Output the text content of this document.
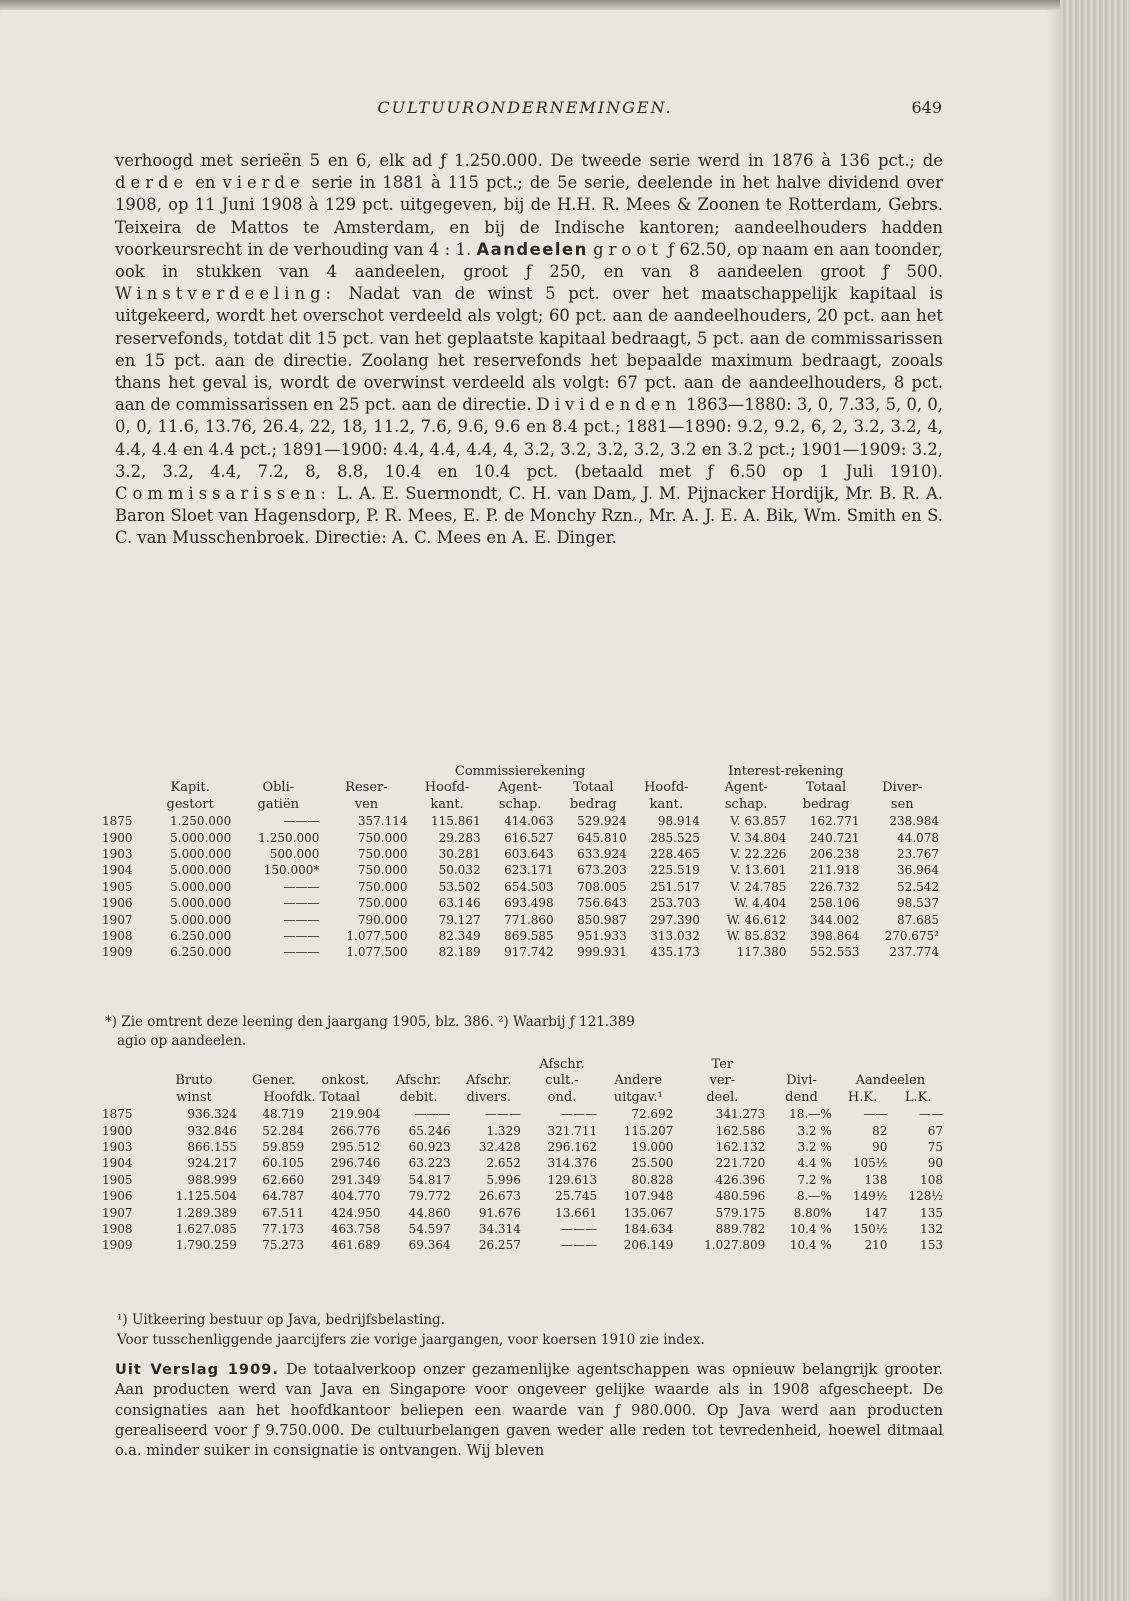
CULTUURONDERNEMINGEN.	649

verhoogd met serieën 5 en 6, elk ad ƒ 1.250.000. De tweede serie werd in 1876 à 136 pct.; de derde en vierde serie in 1881 à 115 pct.; de 5e serie, deelende in het halve dividend over 1908, op 11 Juni 1908 à 129 pct. uitgegeven, bij de H.H. R. Mees & Zoonen te Rotterdam, Gebrs. Teixeira de Mattos te Amsterdam, en bij de Indische kantoren; aandeelhouders hadden voorkeursrecht in de verhouding van 4 : 1. Aandeelen groot ƒ 62.50, op naam en aan toonder, ook in stukken van 4 aandeelen, groot ƒ 250, en van 8 aandeelen groot ƒ 500. Winstverdeeling: Nadat van de winst 5 pct. over het maatschappelijk kapitaal is uitgekeerd, wordt het overschot verdeeld als volgt; 60 pct. aan de aandeelhouders, 20 pct. aan het reservefonds, totdat dit 15 pct. van het geplaatste kapitaal bedraagt, 5 pct. aan de commissarissen en 15 pct. aan de directie. Zoolang het reservefonds het bepaalde maximum bedraagt, zooals thans het geval is, wordt de overwinst verdeeld als volgt: 67 pct. aan de aandeelhouders, 8 pct. aan de commissarissen en 25 pct. aan de directie. Dividenden 1863—1880: 3, 0, 7.33, 5, 0, 0, 0, 0, 11.6, 13.76, 26.4, 22, 18, 11.2, 7.6, 9.6, 9.6 en 8.4 pct.; 1881—1890: 9.2, 9.2, 6, 2, 3.2, 3.2, 4, 4.4, 4.4 en 4.4 pct.; 1891—1900: 4.4, 4.4, 4.4, 4, 3.2, 3.2, 3.2, 3.2, 3.2 en 3.2 pct.; 1901—1909: 3.2, 3.2, 3.2, 4.4, 7.2, 8, 8.8, 10.4 en 10.4 pct. (betaald met ƒ 6.50 op 1 Juli 1910). Commissarissen: L. A. E. Suermondt, C. H. van Dam, J. M. Pijnacker Hordijk, Mr. B. R. A. Baron Sloet van Hagensdorp, P. R. Mees, E. P. de Monchy Rzn., Mr. A. J. E. A. Bik, Wm. Smith en S. C. van Musschenbroek. Directie: A. C. Mees en A. E. Dinger.

				Commissierekening			Interest-rekening			
	Kapit.	Obli-	Reser-	Hoofd-	Agent-	Totaal	Hoofd-	Agent-	Totaal	Diver-
	gestort	gatiën	ven	kant.	schap.	bedrag	kant.	schap.	bedrag	sen
1875	1.250.000	———	357.114	115.861	414.063	529.924	98.914	V. 63.857	162.771	238.984
1900	5.000.000	1.250.000	750.000	29.283	616.527	645.810	285.525	V. 34.804	240.721	44.078
1903	5.000.000	500.000	750.000	30.281	603.643	633.924	228.465	V. 22.226	206.238	23.767
1904	5.000.000	150.000*	750.000	50.032	623.171	673.203	225.519	V. 13.601	211.918	36.964
1905	5.000.000	———	750.000	53.502	654.503	708.005	251.517	V. 24.785	226.732	52.542
1906	5.000.000	———	750.000	63.146	693.498	756.643	253.703	W. 4.404	258.106	98.537
1907	5.000.000	———	790.000	79.127	771.860	850.987	297.390	W. 46.612	344.002	87.685
1908	6.250.000	———	1.077.500	82.349	869.585	951.933	313.032	W. 85.832	398.864	270.675²
1909	6.250.000	———	1.077.500	82.189	917.742	999.931	435.173	117.380	552.553	237.774
*) Zie omtrent deze leening den jaargang 1905, blz. 386. ²) Waarbij ƒ 121.389
agio op aandeelen.
						Afschr.		Ter			
	Bruto	Gener.	onkost.	Afschr.	Afschr.	cult.-	Andere	ver-	Divi-	Aandeelen	
	winst	Hoofdk. Totaal		debit.	divers.	ond.	uitgav.¹	deel.	dend	H.K.	L.K.
1875	936.324	48.719	219.904	———	———	———	72.692	341.273	18.—%	——	——
1900	932.846	52.284	266.776	65.246	1.329	321.711	115.207	162.586	3.2 %	82	67
1903	866.155	59.859	295.512	60.923	32.428	296.162	19.000	162.132	3.2 %	90	75
1904	924.217	60.105	296.746	63.223	2.652	314.376	25.500	221.720	4.4 %	105½	90
1905	988.999	62.660	291.349	54.817	5.996	129.613	80.828	426.396	7.2 %	138	108
1906	1.125.504	64.787	404.770	79.772	26.673	25.745	107.948	480.596	8.—%	149½	128½
1907	1.289.389	67.511	424.950	44.860	91.676	13.661	135.067	579.175	8.80%	147	135
1908	1.627.085	77.173	463.758	54.597	34.314	———	184.634	889.782	10.4 %	150½	132
1909	1.790.259	75.273	461.689	69.364	26.257	———	206.149	1.027.809	10.4 %	210	153
¹) Uitkeering bestuur op Java, bedrijfsbelasting.
Voor tusschenliggende jaarcijfers zie vorige jaargangen, voor koersen 1910 zie index.
Uit Verslag 1909. De totaalverkoop onzer gezamenlijke agentschappen was opnieuw belangrijk grooter. Aan producten werd van Java en Singapore voor ongeveer gelijke waarde als in 1908 afgescheept. De consignaties aan het hoofdkantoor beliepen een waarde van ƒ 980.000. Op Java werd aan producten gerealiseerd voor ƒ 9.750.000. De cultuurbelangen gaven weder alle reden tot tevredenheid, hoewel ditmaal o.a. minder suiker in consignatie is ontvangen. Wij bleven
